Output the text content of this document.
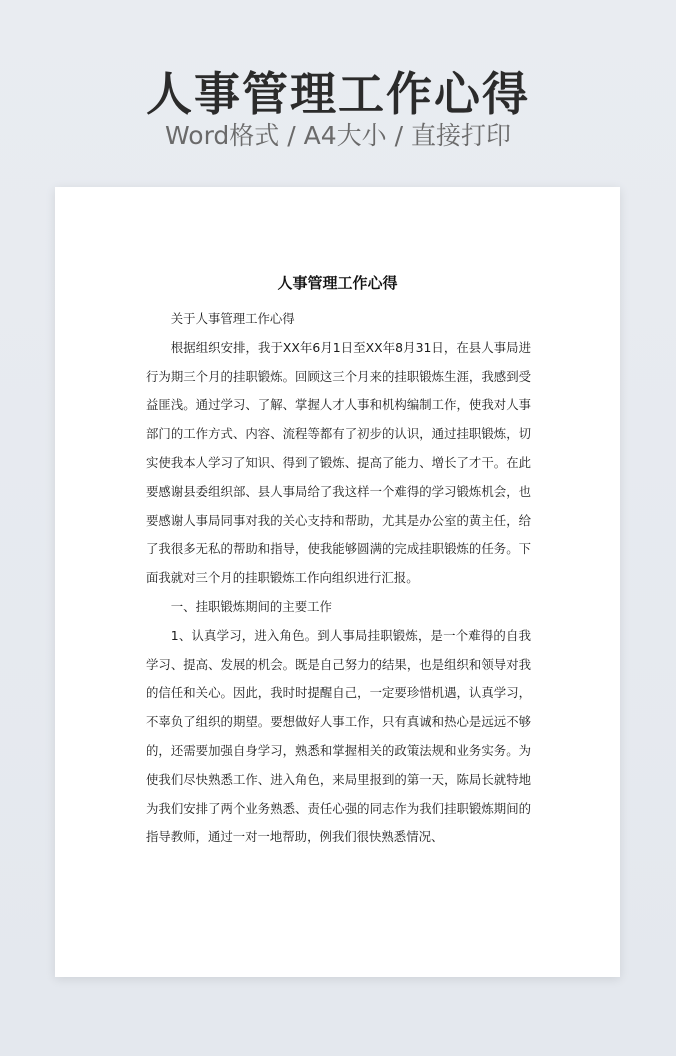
人事管理工作心得
Word格式 / A4大小 / 直接打印
人事管理工作心得

关于人事管理工作心得

根据组织安排，我于XX年6月1日至XX年8月31日，在县人事局进行为期三个月的挂职锻炼。回顾这三个月来的挂职锻炼生涯，我感到受益匪浅。通过学习、了解、掌握人才人事和机构编制工作，使我对人事部门的工作方式、内容、流程等都有了初步的认识，通过挂职锻炼，切实使我本人学习了知识、得到了锻炼、提高了能力、增长了才干。在此要感谢县委组织部、县人事局给了我这样一个难得的学习锻炼机会，也要感谢人事局同事对我的关心支持和帮助，尤其是办公室的黄主任，给了我很多无私的帮助和指导，使我能够圆满的完成挂职锻炼的任务。下面我就对三个月的挂职锻炼工作向组织进行汇报。

一、挂职锻炼期间的主要工作

1、认真学习，进入角色。到人事局挂职锻炼，是一个难得的自我学习、提高、发展的机会。既是自己努力的结果，也是组织和领导对我的信任和关心。因此，我时时提醒自己，一定要珍惜机遇，认真学习，不辜负了组织的期望。要想做好人事工作，只有真诚和热心是远远不够的，还需要加强自身学习，熟悉和掌握相关的政策法规和业务实务。为使我们尽快熟悉工作、进入角色，来局里报到的第一天，陈局长就特地为我们安排了两个业务熟悉、责任心强的同志作为我们挂职锻炼期间的指导教师，通过一对一地帮助，例我们很快熟悉情况、
